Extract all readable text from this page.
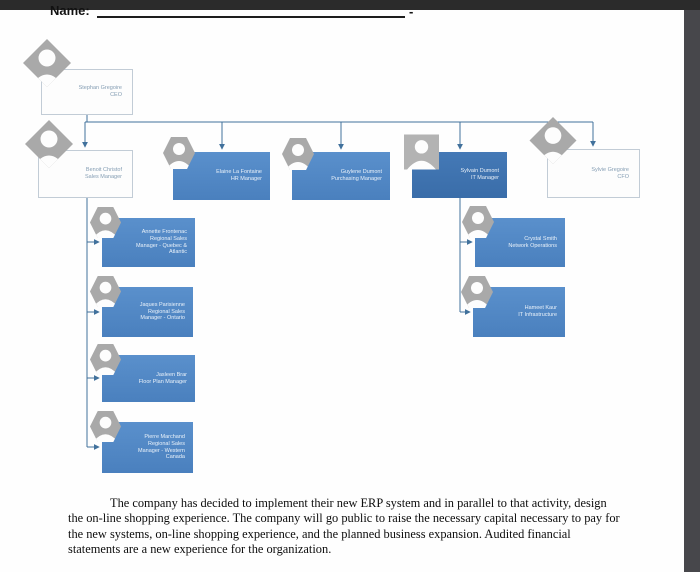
Name:	-
Stephan Gregoire
CEO
Benoit Christof
Sales Manager
Elaine La Fontaine
HR Manager
Guylene Dumont
Purchasing Manager
Sylvain Dumont
IT Manager
Sylvie Gregoire
CFO
Annette Frontenac
Regional Sales
Manager - Quebec &
Atlantic
Jaques Parisienne
Regional Sales
Manager - Ontario
Jasleen Brar
Floor Plan Manager
Pierre Marchand
Regional Sales
Manager - Western
Canada
Crystal Smith
Network Operations
Hameet Kaur
IT Infrastructure
The company has decided to implement their new ERP system and in parallel to that activity, design the on-line shopping experience. The company will go public to raise the necessary capital necessary to pay for the new systems, on-line shopping experience, and the planned business expansion. Audited financial statements are a new experience for the organization.
